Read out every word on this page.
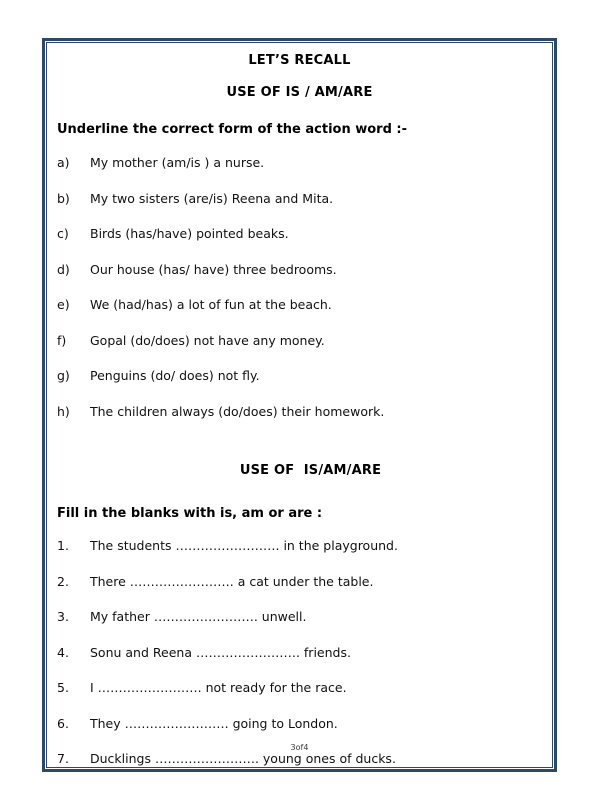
LET’S RECALL
USE OF IS / AM/ARE
Underline the correct form of the action word :-
a)	My mother (am/is ) a nurse.
b)	My two sisters (are/is) Reena and Mita.
c)	Birds (has/have) pointed beaks.
d)	Our house (has/ have) three bedrooms.
e)	We (had/has) a lot of fun at the beach.
f)	Gopal (do/does) not have any money.
g)	Penguins (do/ does) not fly.
h)	The children always (do/does) their homework.
USE OF  IS/AM/ARE
Fill in the blanks with is, am or are :
1.	The students ……………………. in the playground.
2.	There ……………………. a cat under the table.
3.	My father ……………………. unwell.
4.	Sonu and Reena ……………………. friends.
5.	I ……………………. not ready for the race.
6.	They ……………………. going to London.
7.	Ducklings ……………………. young ones of ducks.
3of4
